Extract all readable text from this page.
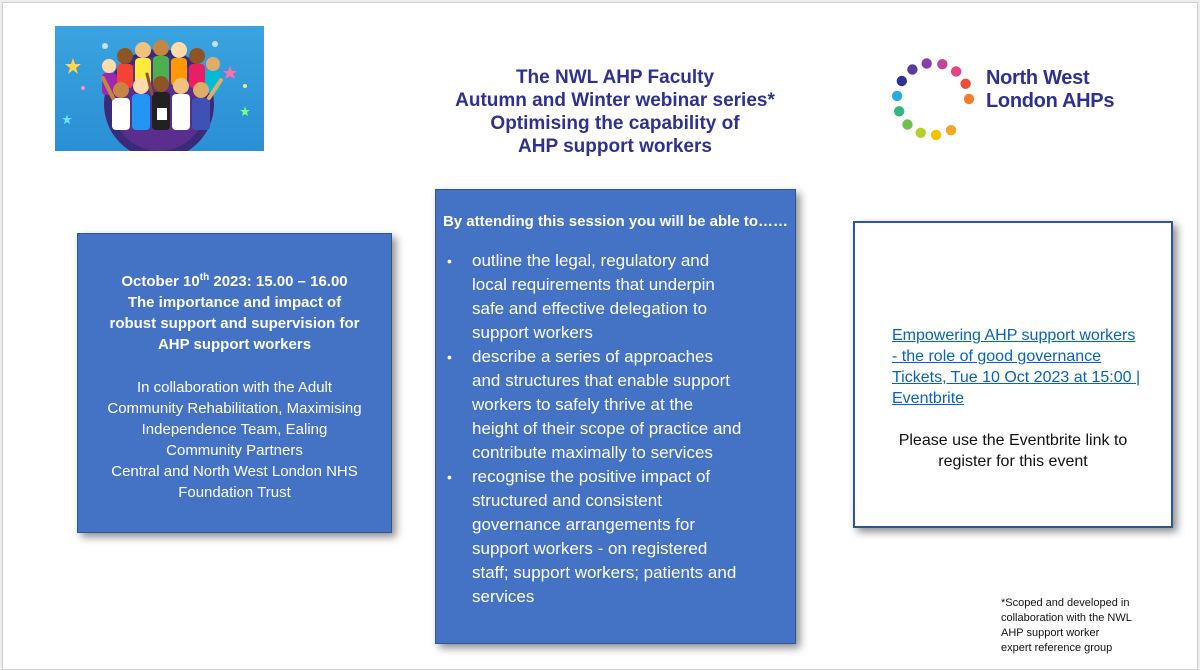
The NWL AHP Faculty
Autumn and Winter webinar series*
Optimising the capability of
AHP support workers
North West
London AHPs
October 10th 2023: 15.00 – 16.00
The importance and impact of
robust support and supervision for
AHP support workers
In collaboration with the Adult
Community Rehabilitation, Maximising
Independence Team, Ealing
Community Partners
Central and North West London NHS
Foundation Trust
By attending this session you will be able to……
• outline the legal, regulatory and
local requirements that underpin
safe and effective delegation to
support workers
• describe a series of approaches
and structures that enable support
workers to safely thrive at the
height of their scope of practice and
contribute maximally to services
• recognise the positive impact of
structured and consistent
governance arrangements for
support workers - on registered
staff; support workers; patients and
services
Empowering AHP support workers
- the role of good governance
Tickets, Tue 10 Oct 2023 at 15:00 |
Eventbrite
Please use the Eventbrite link to
register for this event
*Scoped and developed in
collaboration with the NWL
AHP support worker
expert reference group
